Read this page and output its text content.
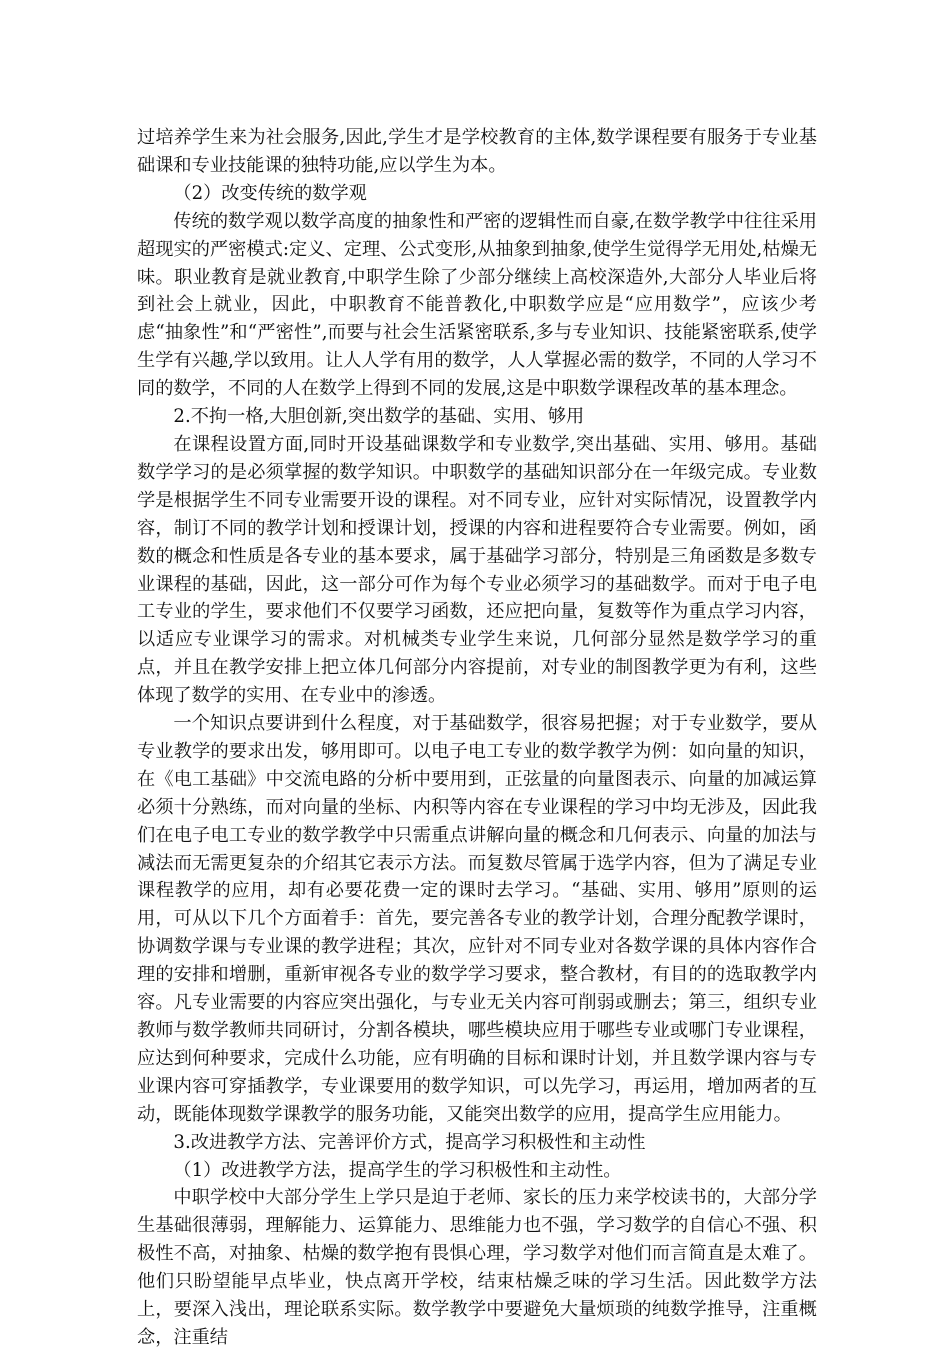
过培养学生来为社会服务,因此,学生才是学校教育的主体,数学课程要有服务于专业基础课和专业技能课的独特功能,应以学生为本。

（2）改变传统的数学观

传统的数学观以数学高度的抽象性和严密的逻辑性而自豪,在数学教学中往往采用超现实的严密模式:定义、定理、公式变形,从抽象到抽象,使学生觉得学无用处,枯燥无味。职业教育是就业教育,中职学生除了少部分继续上高校深造外,大部分人毕业后将到社会上就业，因此，中职教育不能普教化,中职数学应是“应用数学”，应该少考虑“抽象性”和“严密性”,而要与社会生活紧密联系,多与专业知识、技能紧密联系,使学生学有兴趣,学以致用。让人人学有用的数学，人人掌握必需的数学，不同的人学习不同的数学，不同的人在数学上得到不同的发展,这是中职数学课程改革的基本理念。

2.不拘一格,大胆创新,突出数学的基础、实用、够用

在课程设置方面,同时开设基础课数学和专业数学,突出基础、实用、够用。基础数学学习的是必须掌握的数学知识。中职数学的基础知识部分在一年级完成。专业数学是根据学生不同专业需要开设的课程。对不同专业，应针对实际情况，设置教学内容，制订不同的教学计划和授课计划，授课的内容和进程要符合专业需要。例如，函数的概念和性质是各专业的基本要求，属于基础学习部分，特别是三角函数是多数专业课程的基础，因此，这一部分可作为每个专业必须学习的基础数学。而对于电子电工专业的学生，要求他们不仅要学习函数，还应把向量，复数等作为重点学习内容，以适应专业课学习的需求。对机械类专业学生来说，几何部分显然是数学学习的重点，并且在教学安排上把立体几何部分内容提前，对专业的制图教学更为有利，这些体现了数学的实用、在专业中的渗透。

一个知识点要讲到什么程度，对于基础数学，很容易把握；对于专业数学，要从专业教学的要求出发，够用即可。以电子电工专业的数学教学为例：如向量的知识，在《电工基础》中交流电路的分析中要用到，正弦量的向量图表示、向量的加减运算必须十分熟练，而对向量的坐标、内积等内容在专业课程的学习中均无涉及，因此我们在电子电工专业的数学教学中只需重点讲解向量的概念和几何表示、向量的加法与减法而无需更复杂的介绍其它表示方法。而复数尽管属于选学内容，但为了满足专业课程教学的应用，却有必要花费一定的课时去学习。“基础、实用、够用”原则的运用，可从以下几个方面着手：首先，要完善各专业的教学计划，合理分配教学课时，协调数学课与专业课的教学进程；其次，应针对不同专业对各数学课的具体内容作合理的安排和增删，重新审视各专业的数学学习要求，整合教材，有目的的选取教学内容。凡专业需要的内容应突出强化，与专业无关内容可削弱或删去；第三，组织专业教师与数学教师共同研讨，分割各模块，哪些模块应用于哪些专业或哪门专业课程，应达到何种要求，完成什么功能，应有明确的目标和课时计划，并且数学课内容与专业课内容可穿插教学，专业课要用的数学知识，可以先学习，再运用，增加两者的互动，既能体现数学课教学的服务功能，又能突出数学的应用，提高学生应用能力。

3.改进教学方法、完善评价方式，提高学习积极性和主动性

（1）改进教学方法，提高学生的学习积极性和主动性。

中职学校中大部分学生上学只是迫于老师、家长的压力来学校读书的，大部分学生基础很薄弱，理解能力、运算能力、思维能力也不强，学习数学的自信心不强、积极性不高，对抽象、枯燥的数学抱有畏惧心理，学习数学对他们而言简直是太难了。他们只盼望能早点毕业，快点离开学校，结束枯燥乏味的学习生活。因此数学方法上，要深入浅出，理论联系实际。数学教学中要避免大量烦琐的纯数学推导，注重概念，注重结
